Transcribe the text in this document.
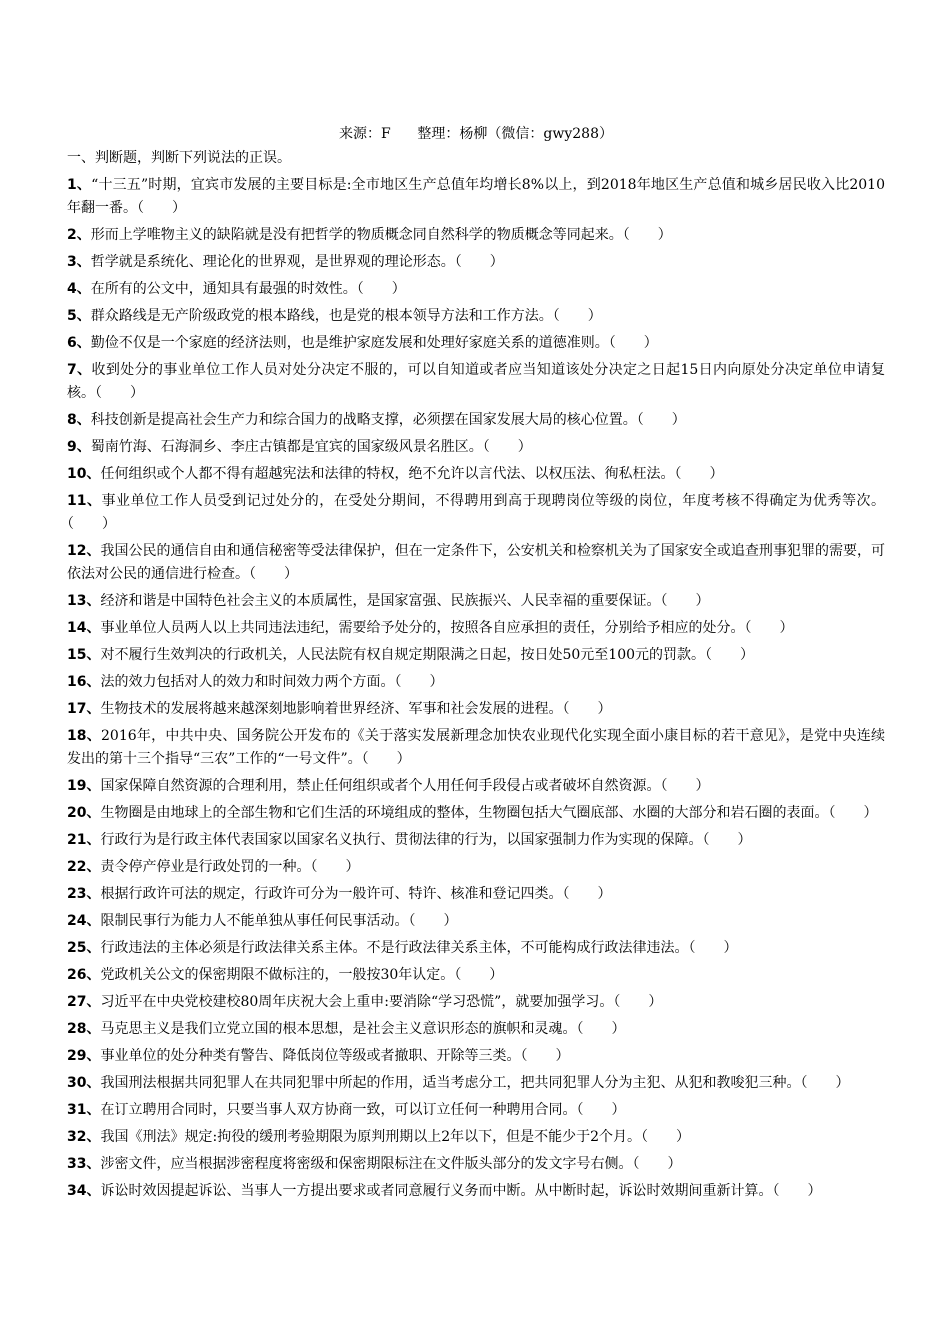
来源：F 整理：杨柳（微信：gwy288）
一、判断题，判断下列说法的正误。
1、“十三五”时期，宜宾市发展的主要目标是:全市地区生产总值年均增长8%以上，到2018年地区生产总值和城乡居民收入比2010年翻一番。（　　）
2、形而上学唯物主义的缺陷就是没有把哲学的物质概念同自然科学的物质概念等同起来。（　　）
3、哲学就是系统化、理论化的世界观，是世界观的理论形态。（　　）
4、在所有的公文中，通知具有最强的时效性。（　　）
5、群众路线是无产阶级政党的根本路线，也是党的根本领导方法和工作方法。（　　）
6、勤俭不仅是一个家庭的经济法则，也是维护家庭发展和处理好家庭关系的道德准则。（　　）
7、收到处分的事业单位工作人员对处分决定不服的，可以自知道或者应当知道该处分决定之日起15日内向原处分决定单位申请复核。（　　）
8、科技创新是提高社会生产力和综合国力的战略支撑，必须摆在国家发展大局的核心位置。（　　）
9、蜀南竹海、石海洞乡、李庄古镇都是宜宾的国家级风景名胜区。（　　）
10、任何组织或个人都不得有超越宪法和法律的特权，绝不允许以言代法、以权压法、徇私枉法。（　　）
11、事业单位工作人员受到记过处分的，在受处分期间，不得聘用到高于现聘岗位等级的岗位，年度考核不得确定为优秀等次。（　　）
12、我国公民的通信自由和通信秘密等受法律保护，但在一定条件下，公安机关和检察机关为了国家安全或追查刑事犯罪的需要，可依法对公民的通信进行检查。（　　）
13、经济和谐是中国特色社会主义的本质属性，是国家富强、民族振兴、人民幸福的重要保证。（　　）
14、事业单位人员两人以上共同违法违纪，需要给予处分的，按照各自应承担的责任，分别给予相应的处分。（　　）
15、对不履行生效判决的行政机关，人民法院有权自规定期限满之日起，按日处50元至100元的罚款。（　　）
16、法的效力包括对人的效力和时间效力两个方面。（　　）
17、生物技术的发展将越来越深刻地影响着世界经济、军事和社会发展的进程。（　　）
18、2016年，中共中央、国务院公开发布的《关于落实发展新理念加快农业现代化实现全面小康目标的若干意见》，是党中央连续发出的第十三个指导“三农”工作的“一号文件”。（　　）
19、国家保障自然资源的合理利用，禁止任何组织或者个人用任何手段侵占或者破坏自然资源。（　　）
20、生物圈是由地球上的全部生物和它们生活的环境组成的整体，生物圈包括大气圈底部、水圈的大部分和岩石圈的表面。（　　）
21、行政行为是行政主体代表国家以国家名义执行、贯彻法律的行为，以国家强制力作为实现的保障。（　　）
22、责令停产停业是行政处罚的一种。（　　）
23、根据行政许可法的规定，行政许可分为一般许可、特许、核准和登记四类。（　　）
24、限制民事行为能力人不能单独从事任何民事活动。（　　）
25、行政违法的主体必须是行政法律关系主体。不是行政法律关系主体，不可能构成行政法律违法。（　　）
26、党政机关公文的保密期限不做标注的，一般按30年认定。（　　）
27、习近平在中央党校建校80周年庆祝大会上重申:要消除“学习恐慌”，就要加强学习。（　　）
28、马克思主义是我们立党立国的根本思想，是社会主义意识形态的旗帜和灵魂。（　　）
29、事业单位的处分种类有警告、降低岗位等级或者撤职、开除等三类。（　　）
30、我国刑法根据共同犯罪人在共同犯罪中所起的作用，适当考虑分工，把共同犯罪人分为主犯、从犯和教唆犯三种。（　　）
31、在订立聘用合同时，只要当事人双方协商一致，可以订立任何一种聘用合同。（　　）
32、我国《刑法》规定:拘役的缓刑考验期限为原判刑期以上2年以下，但是不能少于2个月。（　　）
33、涉密文件，应当根据涉密程度将密级和保密期限标注在文件版头部分的发文字号右侧。（　　）
34、诉讼时效因提起诉讼、当事人一方提出要求或者同意履行义务而中断。从中断时起，诉讼时效期间重新计算。（　　）
